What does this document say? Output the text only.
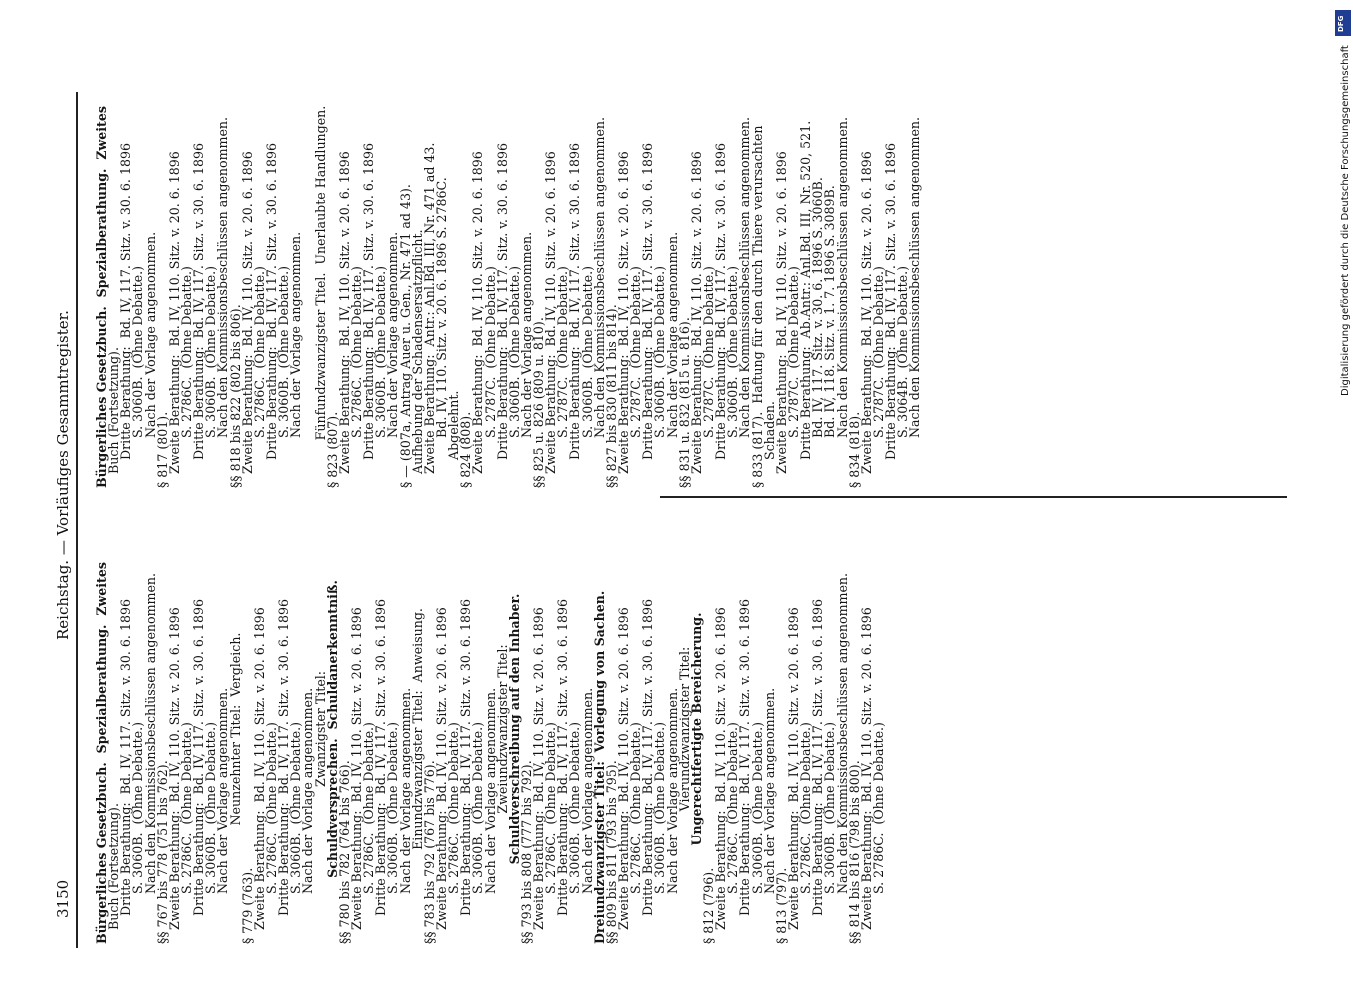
3150
Reichstag. — Vorläufiges Gesammtregister.
Bürgerliches Gesetzbuch.  Spezialberathung.  Zweites
Buch (Fortsetzung).
Dritte Berathung:  Bd. IV, 117. Sitz. v. 30. 6. 1896
S. 3060B.  (Ohne Debatte.)
Nach den Kommissionsbeschlüssen angenommen.
§§ 767 bis 778 (751 bis 762).
Zweite Berathung:  Bd. IV, 110. Sitz. v. 20. 6. 1896
S. 2786C.  (Ohne Debatte.)
Dritte Berathung:  Bd. IV, 117. Sitz. v. 30. 6. 1896
S. 3060B.  (Ohne Debatte.)
Nach der Vorlage angenommen.
Neunzehnter Titel:  Vergleich.
§ 779 (763).
Zweite Berathung:  Bd. IV, 110. Sitz. v. 20. 6. 1896
S. 2786C.  (Ohne Debatte.)
Dritte Berathung:  Bd. IV, 117. Sitz. v. 30. 6. 1896
S. 3060B.  (Ohne Debatte.)
Nach der Vorlage angenommen.
Zwanzigster Titel:
Schuldversprechen.  Schuldanerkenntniß.
§§ 780 bis 782 (764 bis 766).
Zweite Berathung:  Bd. IV, 110. Sitz. v. 20. 6. 1896
S. 2786C.  (Ohne Debatte.)
Dritte Berathung:  Bd. IV, 117. Sitz. v. 30. 6. 1896
S. 3060B.  (Ohne Debatte.)
Nach der Vorlage angenommen.
Einundzwanzigster Titel:  Anweisung.
§§ 783 bis 792 (767 bis 776).
Zweite Berathung:  Bd. IV, 110. Sitz. v. 20. 6. 1896
S. 2786C.  (Ohne Debatte.)
Dritte Berathung:  Bd. IV, 117. Sitz. v. 30. 6. 1896
S. 3060B.  (Ohne Debatte.)
Nach der Vorlage angenommen.
Zweiundzwanzigster Titel:
Schuldverschreibung auf den Inhaber.
§§ 793 bis 808 (777 bis 792).
Zweite Berathung:  Bd. IV, 110. Sitz. v. 20. 6. 1896
S. 2786C.  (Ohne Debatte.)
Dritte Berathung:  Bd. IV, 117. Sitz. v. 30. 6. 1896
S. 3060B.  (Ohne Debatte.)
Nach der Vorlage angenommen.
Dreiundzwanzigster Titel:  Vorlegung von Sachen.
§§ 809 bis 811 (793 bis 795).
Zweite Berathung:  Bd. IV, 110. Sitz. v. 20. 6. 1896
S. 2786C.  (Ohne Debatte.)
Dritte Berathung:  Bd. IV, 117. Sitz. v. 30. 6. 1896
S. 3060B.  (Ohne Debatte.)
Nach der Vorlage angenommen.
Vierundzwanzigster Titel:
Ungerechtfertigte Bereicherung.
§ 812 (796).
Zweite Berathung:  Bd. IV, 110. Sitz. v. 20. 6. 1896
S. 2786C.  (Ohne Debatte.)
Dritte Berathung:  Bd. IV, 117. Sitz. v. 30. 6. 1896
S. 3060B.  (Ohne Debatte.)
Nach der Vorlage angenommen.
§ 813 (797).
Zweite Berathung:  Bd. IV, 110. Sitz. v. 20. 6. 1896
S. 2786C.  (Ohne Debatte.)
Dritte Berathung:  Bd. IV, 117. Sitz. v. 30. 6. 1896
S. 3060B.  (Ohne Debatte.)
Nach den Kommissionsbeschlüssen angenommen.
§§ 814 bis 816 (798 bis 800).
Zweite Berathung:  Bd. IV, 110. Sitz. v. 20. 6. 1896
S. 2786C.  (Ohne Debatte.)
Bürgerliches Gesetzbuch.  Spezialberathung.  Zweites
Buch (Fortsetzung).
Dritte Berathung:  Bd. IV, 117. Sitz. v. 30. 6. 1896
S. 3060B.  (Ohne Debatte.)
Nach der Vorlage angenommen.
§ 817 (801).
Zweite Berathung:  Bd. IV, 110. Sitz. v. 20. 6. 1896
S. 2786C.  (Ohne Debatte.)
Dritte Berathung:  Bd. IV, 117. Sitz. v. 30. 6. 1896
S. 3060B.  (Ohne Debatte.)
Nach den Kommissionsbeschlüssen angenommen.
§§ 818 bis 822 (802 bis 806).
Zweite Berathung:  Bd. IV, 110. Sitz. v. 20. 6. 1896
S. 2786C.  (Ohne Debatte.)
Dritte Berathung:  Bd. IV, 117. Sitz. v. 30. 6. 1896
S. 3060B.  (Ohne Debatte.)
Nach der Vorlage angenommen. Fünfundzwanzigster Titel.  Unerlaubte Handlungen.
§ 823 (807).
Zweite Berathung:  Bd. IV, 110. Sitz. v. 20. 6. 1896
S. 2786C.  (Ohne Debatte.)
Dritte Berathung:  Bd. IV, 117. Sitz. v. 30. 6. 1896
S. 3060B.  (Ohne Debatte.)
Nach der Vorlage angenommen.
§ — (807a, Antrag Auer u. Gen., Nr. 471 ad 43).
Aufhebung der Schadensersatzpflicht.
Zweite Berathung:  Antr.: Anl.Bd. III, Nr. 471 ad 43.
Bd. IV, 110. Sitz. v. 20. 6. 1896 S. 2786C.
Abgelehnt.
§ 824 (808).
Zweite Berathung:  Bd. IV, 110. Sitz. v. 20. 6. 1896
S. 2787C.  (Ohne Debatte.)
Dritte Berathung:  Bd. IV, 117. Sitz. v. 30. 6. 1896
S. 3060B.  (Ohne Debatte.)
Nach der Vorlage angenommen.
§§ 825 u. 826 (809 u. 810).
Zweite Berathung:  Bd. IV, 110. Sitz. v. 20. 6. 1896
S. 2787C.  (Ohne Debatte.)
Dritte Berathung:  Bd. IV, 117. Sitz. v. 30. 6. 1896
S. 3060B.  (Ohne Debatte.)
Nach den Kommissionsbeschlüssen angenommen.
§§ 827 bis 830 (811 bis 814).
Zweite Berathung:  Bd. IV, 110. Sitz. v. 20. 6. 1896
S. 2787C.  (Ohne Debatte.)
Dritte Berathung:  Bd. IV, 117. Sitz. v. 30. 6. 1896
S. 3060B.  (Ohne Debatte.)
Nach der Vorlage angenommen.
§§ 831 u. 832 (815 u. 816).
Zweite Berathung:  Bd. IV, 110. Sitz. v. 20. 6. 1896
S. 2787C.  (Ohne Debatte.)
Dritte Berathung:  Bd. IV, 117. Sitz. v. 30. 6. 1896
S. 3060B.  (Ohne Debatte.)
Nach den Kommissionsbeschlüssen angenommen.
§ 833 (817).  Haftung für den durch Thiere verursachten
Schaden.
Zweite Berathung:  Bd. IV, 110. Sitz. v. 20. 6. 1896
S. 2787C.  (Ohne Debatte.)
Dritte Berathung:  Ab.Antr.: Anl.Bd. III, Nr. 520, 521.
Bd. IV, 117. Sitz. v. 30. 6. 1896 S. 3060B.
Bd. IV, 118. Sitz. v. 1. 7. 1896 S. 3089B.
Nach den Kommissionsbeschlüssen angenommen.
§ 834 (818).
Zweite Berathung:  Bd. IV, 110. Sitz. v. 20. 6. 1896
S. 2787C.  (Ohne Debatte.)
Dritte Berathung:  Bd. IV, 117. Sitz. v. 30. 6. 1896
S. 3064B.  (Ohne Debatte.)
Nach den Kommissionsbeschlüssen angenommen.
DFG
Digitalisierung gefördert durch die Deutsche Forschungsgemeinschaft
